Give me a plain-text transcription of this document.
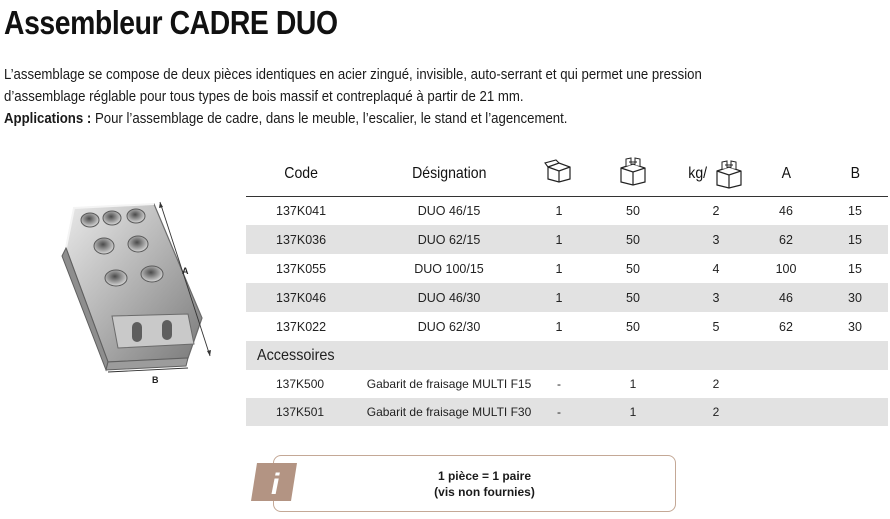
Assembleur CADRE DUO

L’assemblage se compose de deux pièces identiques en acier zingué, invisible, auto-serrant et qui permet une pression

d’assemblage réglable pour tous types de bois massif et contreplaqué à partir de 21 mm.

Applications : Pour l’assemblage de cadre, dans le meuble, l’escalier, le stand et l’agencement.

A
B
Code	Désignation			kg/	A	B
137K041	DUO 46/15	1	50	2	46	15
137K036	DUO 62/15	1	50	3	62	15
137K055	DUO 100/15	1	50	4	100	15
137K046	DUO 46/30	1	50	3	46	30
137K022	DUO 62/30	1	50	5	62	30
Accessoires						
137K500	Gabarit de fraisage MULTI F15	-	1	2		
137K501	Gabarit de fraisage MULTI F30	-	1	2		
1 pièce = 1 paire
(vis non fournies)
i
